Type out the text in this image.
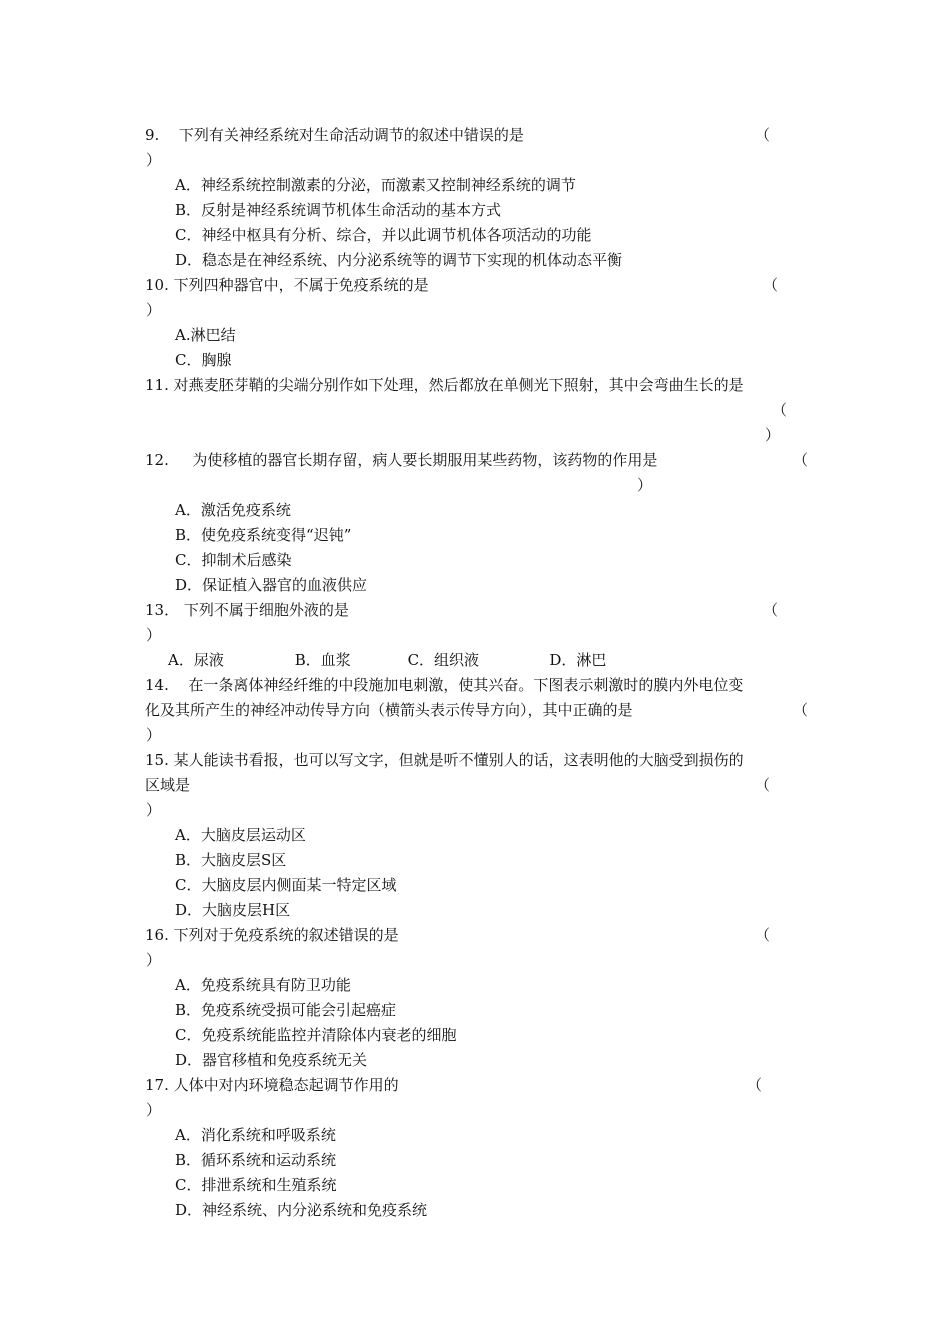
9. 下列有关神经系统对生命活动调节的叙述中错误的是	（
）
A．神经系统控制激素的分泌，而激素又控制神经系统的调节
B．反射是神经系统调节机体生命活动的基本方式
C．神经中枢具有分析、综合，并以此调节机体各项活动的功能
D．稳态是在神经系统、内分泌系统等的调节下实现的机体动态平衡
10. 下列四种器官中，不属于免疫系统的是	（
）
A.淋巴结
C．胸腺
11. 对燕麦胚芽鞘的尖端分别作如下处理，然后都放在单侧光下照射，其中会弯曲生长的是
（
）
12. 为使移植的器官长期存留，病人要长期服用某些药物，该药物的作用是	（
）
A．激活免疫系统
B．使免疫系统变得“迟钝”
C．抑制术后感染
D．保证植入器官的血液供应
13． 下列不属于细胞外液的是	（
）
A．尿液	B．血浆	C．组织液	D．淋巴
14. 在一条离体神经纤维的中段施加电刺激，使其兴奋。下图表示刺激时的膜内外电位变
化及其所产生的神经冲动传导方向（横箭头表示传导方向），其中正确的是	（
）
15. 某人能读书看报，也可以写文字，但就是听不懂别人的话，这表明他的大脑受到损伤的
区域是	（
）
A．大脑皮层运动区
B．大脑皮层S区
C．大脑皮层内侧面某一特定区域
D．大脑皮层H区
16. 下列对于免疫系统的叙述错误的是	（
）
A．免疫系统具有防卫功能
B．免疫系统受损可能会引起癌症
C．免疫系统能监控并清除体内衰老的细胞
D．器官移植和免疫系统无关
17. 人体中对内环境稳态起调节作用的	（
）
A．消化系统和呼吸系统
B．循环系统和运动系统
C．排泄系统和生殖系统
D．神经系统、内分泌系统和免疫系统
